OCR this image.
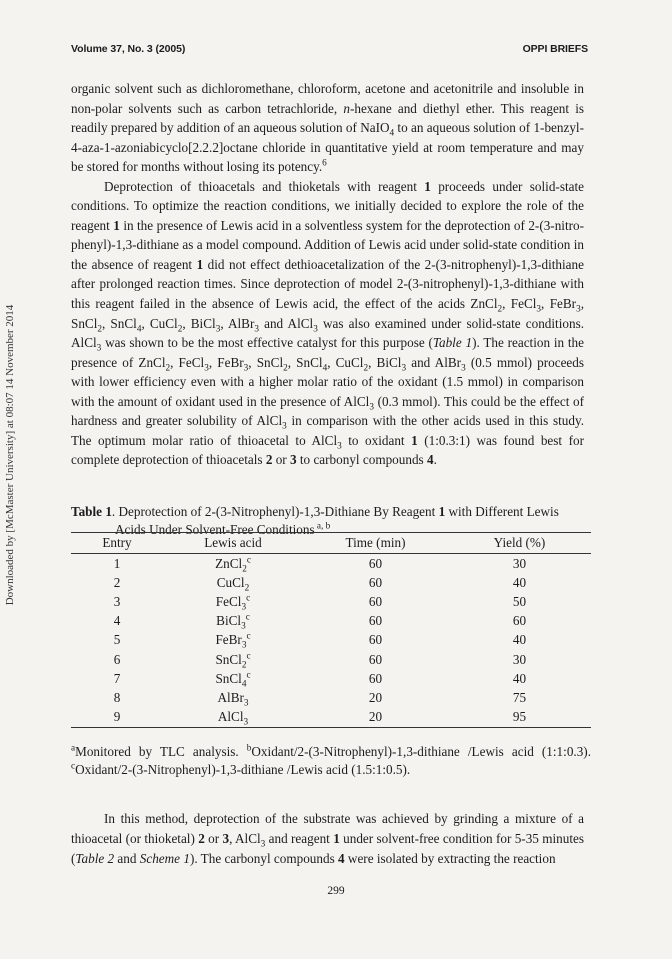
Volume 37, No. 3 (2005)	OPPI BRIEFS
Downloaded by [McMaster University] at 08:07 14 November 2014

organic solvent such as dichloromethane, chloroform, acetone and acetonitrile and insoluble in non-polar solvents such as carbon tetrachloride, n-hexane and diethyl ether. This reagent is readily prepared by addition of an aqueous solution of NaIO$_4$ to an aqueous solution of 1-benzyl-4-aza-1-azoniabicyclo[2.2.2]octane chloride in quantitative yield at room temperature and may be stored for months without losing its potency.$^6$

Deprotection of thioacetals and thioketals with reagent 1 proceeds under solid-state conditions. To optimize the reaction conditions, we initially decided to explore the role of the reagent 1 in the presence of Lewis acid in a solventless system for the deprotection of 2-(3-nitro-phenyl)-1,3-dithiane as a model compound. Addition of Lewis acid under solid-state condition in the absence of reagent 1 did not effect dethioacetalization of the 2-(3-nitrophenyl)-1,3-dithiane after prolonged reaction times. Since deprotection of model 2-(3-nitrophenyl)-1,3-dithiane with this reagent failed in the absence of Lewis acid, the effect of the acids ZnCl$_2$, FeCl$_3$, FeBr$_3$, SnCl$_2$, SnCl$_4$, CuCl$_2$, BiCl$_3$, AlBr$_3$ and AlCl$_3$ was also examined under solid-state conditions. AlCl$_3$ was shown to be the most effective catalyst for this purpose (Table 1). The reaction in the presence of ZnCl$_2$, FeCl$_3$, FeBr$_3$, SnCl$_2$, SnCl$_4$, CuCl$_2$, BiCl$_3$ and AlBr$_3$ (0.5 mmol) proceeds with lower efficiency even with a higher molar ratio of the oxidant (1.5 mmol) in comparison with the amount of oxidant used in the presence of AlCl$_3$ (0.3 mmol). This could be the effect of hardness and greater solubility of AlCl$_3$ in comparison with the other acids used in this study. The optimum molar ratio of thioacetal to AlCl$_3$ to oxidant 1 (1:0.3:1) was found best for complete deprotection of thioacetals 2 or 3 to carbonyl compounds 4.

Table 1. Deprotection of 2-(3-Nitrophenyl)-1,3-Dithiane By Reagent 1 with Different Lewis
Acids Under Solvent-Free Conditions $^{a, b}$
Entry	Lewis acid	Time (min)	Yield (%)
1	ZnCl$_2^c$	60	30
2	CuCl$_2$	60	40
3	FeCl$_3^c$	60	50
4	BiCl$_3^c$	60	60
5	FeBr$_3^c$	60	40
6	SnCl$_2^c$	60	30
7	SnCl$_4^c$	60	40
8	AlBr$_3$	20	75
9	AlCl$_3$	20	95
$^a$Monitored by TLC analysis. $^b$Oxidant/2-(3-Nitrophenyl)-1,3-dithiane /Lewis acid (1:1:0.3). $^c$Oxidant/2-(3-Nitrophenyl)-1,3-dithiane /Lewis acid (1.5:1:0.5).

In this method, deprotection of the substrate was achieved by grinding a mixture of a thioacetal (or thioketal) 2 or 3, AlCl$_3$ and reagent 1 under solvent-free condition for 5-35 minutes (Table 2 and Scheme 1). The carbonyl compounds 4 were isolated by extracting the reaction

299
